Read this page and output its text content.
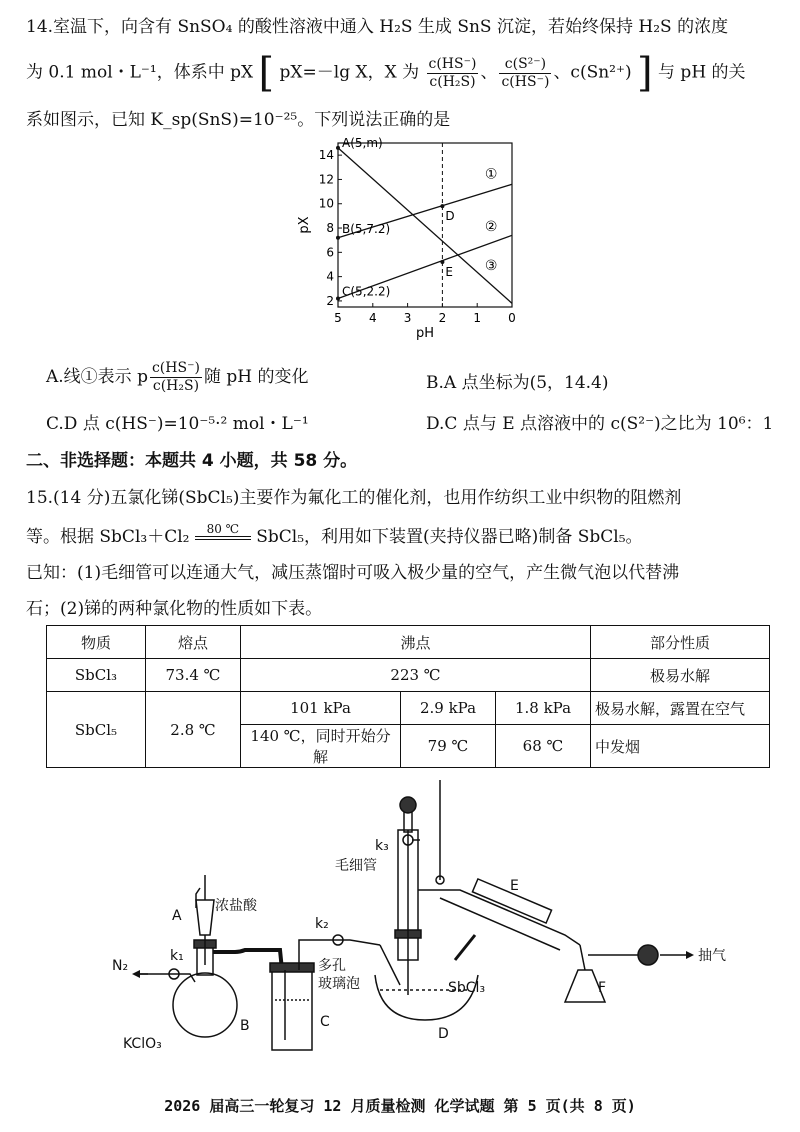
14.室温下，向含有 SnSO₄ 的酸性溶液中通入 H₂S 生成 SnS 沉淀，若始终保持 H₂S 的浓度
为 0.1 mol・L⁻¹，体系中 pX [ pX=－lg X，X 为 $\frac{c(HS^-)}{\text{c(H₂S)}}$ 、 $\frac{\text{c(S²⁻)}}{c(HS^-)}$ 、c(Sn²⁺) ] 与 pH 的关
系如图示，已知 K_sp(SnS)=10⁻²⁵。下列说法正确的是
5 4 3 2 1 0
2
4
6
8
10
12
14
pH
pX
①
②
③
A(5,m)
B(5,7.2)
C(5,2.2)
D
E
A.线①表示 p $\frac{c(HS^-)}{\text{c(H₂S)}}$ 随 pH 的变化	B.A 点坐标为(5，14.4)
C.D 点 c(HS⁻)=10⁻⁵·² mol・L⁻¹	D.C 点与 E 点溶液中的 c(S²⁻)之比为 10⁶：1
二、非选择题：本题共 4 小题，共 58 分。
15.(14 分)五氯化锑(SbCl₅)主要作为氟化工的催化剂，也用作纺织工业中织物的阻燃剂
等。根据 SbCl₃＋Cl₂	80 ℃	SbCl₅，利用如下装置(夹持仪器已略)制备 SbCl₅。
已知：(1)毛细管可以连通大气，减压蒸馏时可吸入极少量的空气，产生微气泡以代替沸
石；(2)锑的两种氯化物的性质如下表。
物质	熔点	沸点			部分性质
SbCl₃	73.4 ℃	223 ℃			极易水解
SbCl₅	2.8 ℃	101 kPa	2.9 kPa	1.8 kPa	极易水解，露置在空气
		140 ℃，同时开始分解	79 ℃	68 ℃	中发烟
N₂
k₁
A
浓盐酸
B
KClO₃
C
k₂
多孔
玻璃泡
k₃
毛细管
SbCl₃
D
E
F
抽气
2026 届高三一轮复习 12 月质量检测 化学试题 第 5 页(共 8 页)
